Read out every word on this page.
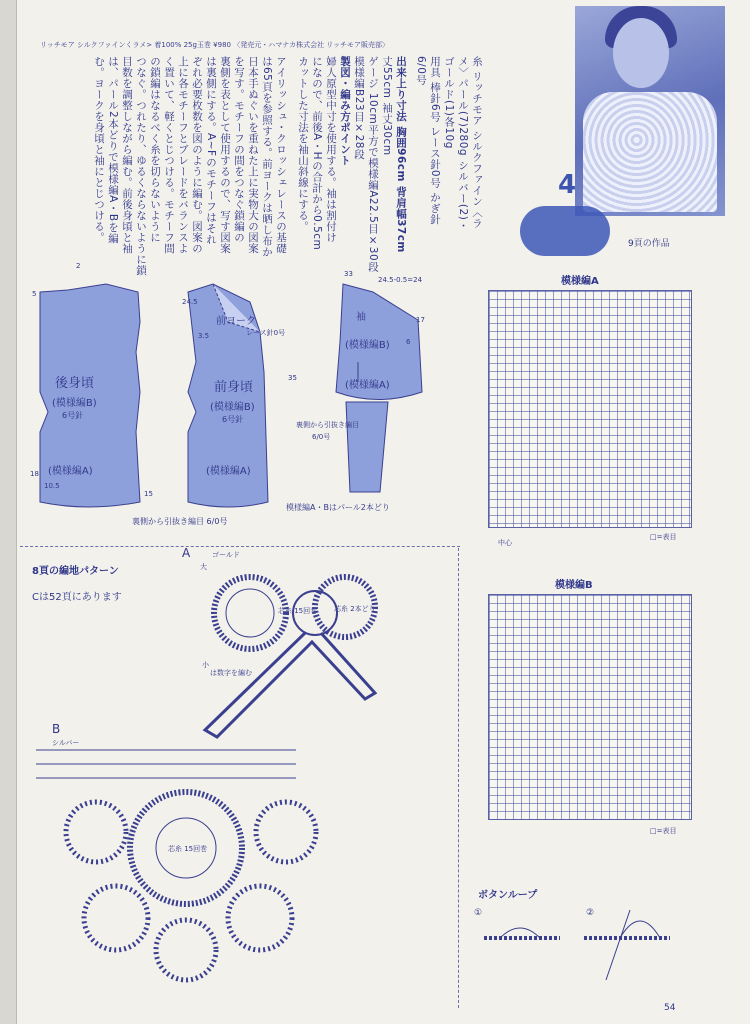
リッチモア シルクファインくラメ> 着100% 25g玉巻 ¥980 〈発売元・ハマナカ株式会社 リッチモア販売部〉
糸 リッチモア シルクファイン〈ラ
メ〉パール(7)280g シルバー(2)・
ゴールド(1)各10g
用具 棒針6号 レース針0号 かぎ針
6/0号
出来上り寸法 胸囲96cm 背肩幅37cm
丈55cm 袖丈30cm
ゲージ 10cm平方で模様編A22.5目×30段
模様編B23目×28段
製図・編み方ポイント
婦人原型中寸を使用する。袖は割付け
になので、前後A・Hの合計から0.5cm
カットした寸法を袖山斜線にする。
アイリッシュ・クロッシェレースの基礎
は65頁を参照する。前ヨークは晒し布か
日本手ぬぐいを重ねた上に実物大の図案
を写す。モチーフの間をつなぐ鎖編の
裏側を表として使用するので、写す図案
は裏側にする。A~Fのモチーフはそれ
ぞれ必要枚数を図のように編む。図案の
上に各モチーフとブレードをバランスよ
く置いて、軽くとじつける。モチーフ間
の鎖編はなるべく糸を切らないように
つなぐ。つれたり、ゆるくならないように鎖
目数を調整しながら編む。前後身頃と袖
は、パール2本どりで模様編A・Bを編
む。ヨークを身頃と袖にとじつける。	4
9頁の作品
後身頃
(模様編B)
6号針
(模様編A)
前ヨーク
レース針0号
前身頃
(模様編B)
6号針
(模様編A)
袖
(模様編B)
(模様編A)
裏側から引抜き編目
6/0号
裏側から引抜き編目 6/0号
模様編A・Bはパール2本どり
24.5
3.5
5
10.5
18
15
33
24.5-0.5=24
17
6
2
35
模様編A
中心
□=表目
模様編B
□=表目
8頁の編地パターン
Cは52頁にあります
A	ゴールド
大
芯糸 15回巻 芯糸 2本どり
小
は数字を編む
B
シルバー
芯糸 15回巻
ボタンループ
①	②
54
